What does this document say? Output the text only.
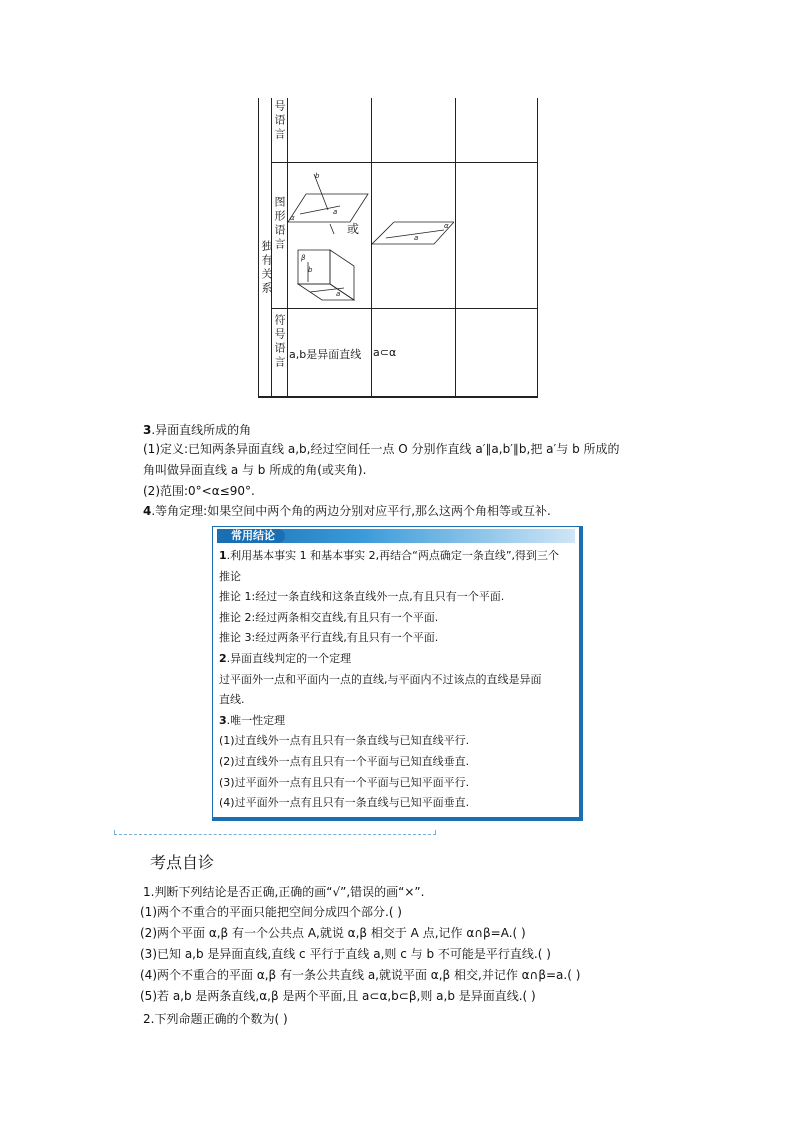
号语言
图形语言
符号语言
独有关系
b
α
a
β
b
a
或	α
a
a,b是异面直线 a⊂α
3.异面直线所成的角
(1)定义:已知两条异面直线 a,b,经过空间任一点 O 分别作直线 a′∥a,b′∥b,把 a′与 b 所成的
角叫做异面直线 a 与 b 所成的角(或夹角).
(2)范围:0°<α≤90°.
4.等角定理:如果空间中两个角的两边分别对应平行,那么这两个角相等或互补.
常用结论
1.利用基本事实 1 和基本事实 2,再结合“两点确定一条直线”,得到三个
推论
推论 1:经过一条直线和这条直线外一点,有且只有一个平面.
推论 2:经过两条相交直线,有且只有一个平面.
推论 3:经过两条平行直线,有且只有一个平面.
2.异面直线判定的一个定理
过平面外一点和平面内一点的直线,与平面内不过该点的直线是异面
直线.
3.唯一性定理
(1)过直线外一点有且只有一条直线与已知直线平行.
(2)过直线外一点有且只有一个平面与已知直线垂直.
(3)过平面外一点有且只有一个平面与已知平面平行.
(4)过平面外一点有且只有一条直线与已知平面垂直.
考点自诊
1.判断下列结论是否正确,正确的画“√”,错误的画“×”.
(1)两个不重合的平面只能把空间分成四个部分.( )
(2)两个平面 α,β 有一个公共点 A,就说 α,β 相交于 A 点,记作 α∩β=A.( )
(3)已知 a,b 是异面直线,直线 c 平行于直线 a,则 c 与 b 不可能是平行直线.( )
(4)两个不重合的平面 α,β 有一条公共直线 a,就说平面 α,β 相交,并记作 α∩β=a.( )
(5)若 a,b 是两条直线,α,β 是两个平面,且 a⊂α,b⊂β,则 a,b 是异面直线.( )
2.下列命题正确的个数为( )
